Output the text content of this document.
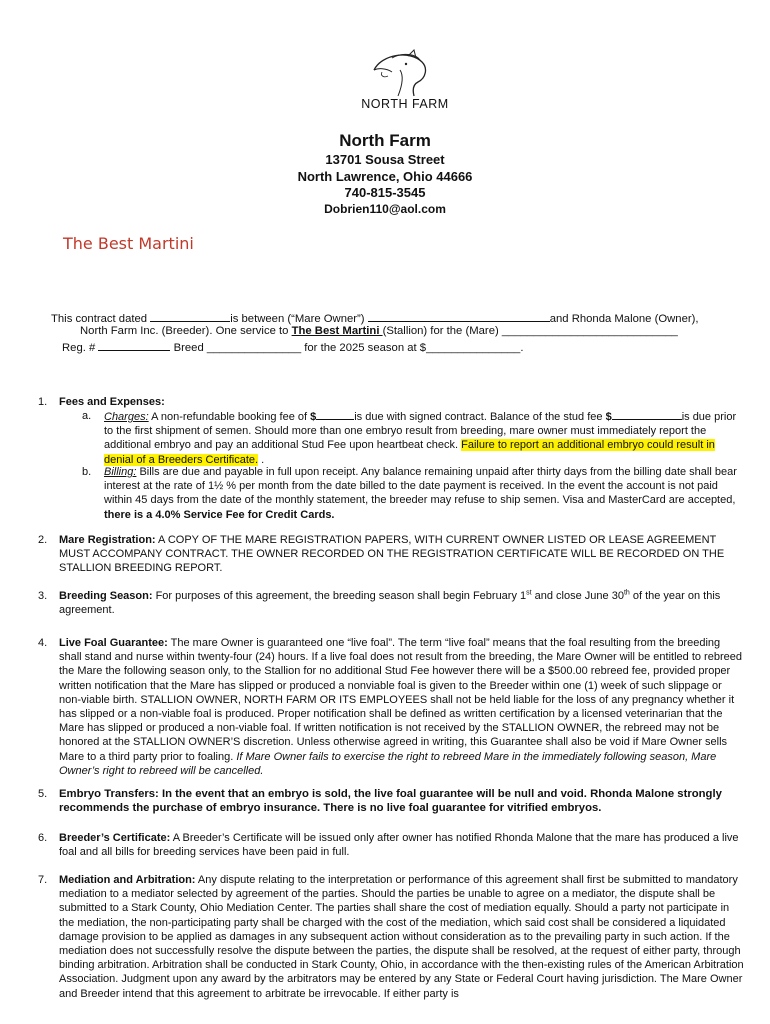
NORTH FARM
North Farm
13701 Sousa Street
North Lawrence, Ohio 44666
740-815-3545
Dobrien110@aol.com
The Best Martini
This contract dated	is between (“Mare Owner”)	and Rhonda Malone (Owner),
North Farm Inc. (Breeder). One service to The Best Martini (Stallion) for the (Mare) ____________________________
Reg. #	Breed _______________ for the 2025 season at $_______________.
1. Fees and Expenses:
a. Charges: A non-refundable booking fee of $	is due with signed contract. Balance of the stud fee $	is due prior to the first shipment of semen. Should more than one embryo result from breeding, mare owner must immediately report the additional embryo and pay an additional Stud Fee upon heartbeat check. Failure to report an additional embryo could result in denial of a Breeders Certificate. .
b. Billing: Bills are due and payable in full upon receipt. Any balance remaining unpaid after thirty days from the billing date shall bear interest at the rate of 1½ % per month from the date billed to the date payment is received. In the event the account is not paid within 45 days from the date of the monthly statement, the breeder may refuse to ship semen. Visa and MasterCard are accepted, there is a 4.0% Service Fee for Credit Cards.
2. Mare Registration: A COPY OF THE MARE REGISTRATION PAPERS, WITH CURRENT OWNER LISTED OR LEASE AGREEMENT MUST ACCOMPANY CONTRACT. THE OWNER RECORDED ON THE REGISTRATION CERTIFICATE WILL BE RECORDED ON THE STALLION BREEDING REPORT.
3. Breeding Season: For purposes of this agreement, the breeding season shall begin February 1st and close June 30th of the year on this agreement.
4. Live Foal Guarantee: The mare Owner is guaranteed one “live foal”. The term “live foal” means that the foal resulting from the breeding shall stand and nurse within twenty-four (24) hours. If a live foal does not result from the breeding, the Mare Owner will be entitled to rebreed the Mare the following season only, to the Stallion for no additional Stud Fee however there will be a $500.00 rebreed fee, provided proper written notification that the Mare has slipped or produced a nonviable foal is given to the Breeder within one (1) week of such slippage or non-viable birth. STALLION OWNER, NORTH FARM OR ITS EMPLOYEES shall not be held liable for the loss of any pregnancy whether it has slipped or a non-viable foal is produced. Proper notification shall be defined as written certification by a licensed veterinarian that the Mare has slipped or produced a non-viable foal. If written notification is not received by the STALLION OWNER, the rebreed may not be honored at the STALLION OWNER’S discretion. Unless otherwise agreed in writing, this Guarantee shall also be void if Mare Owner sells Mare to a third party prior to foaling. If Mare Owner fails to exercise the right to rebreed Mare in the immediately following season, Mare Owner’s right to rebreed will be cancelled.
5. Embryo Transfers: In the event that an embryo is sold, the live foal guarantee will be null and void. Rhonda Malone strongly recommends the purchase of embryo insurance. There is no live foal guarantee for vitrified embryos.
6. Breeder’s Certificate: A Breeder’s Certificate will be issued only after owner has notified Rhonda Malone that the mare has produced a live foal and all bills for breeding services have been paid in full.
7. Mediation and Arbitration: Any dispute relating to the interpretation or performance of this agreement shall first be submitted to mandatory mediation to a mediator selected by agreement of the parties. Should the parties be unable to agree on a mediator, the dispute shall be submitted to a Stark County, Ohio Mediation Center. The parties shall share the cost of mediation equally. Should a party not participate in the mediation, the non-participating party shall be charged with the cost of the mediation, which said cost shall be considered a liquidated damage provision to be applied as damages in any subsequent action without consideration as to the prevailing party in such action. If the mediation does not successfully resolve the dispute between the parties, the dispute shall be resolved, at the request of either party, through binding arbitration. Arbitration shall be conducted in Stark County, Ohio, in accordance with the then-existing rules of the American Arbitration Association. Judgment upon any award by the arbitrators may be entered by any State or Federal Court having jurisdiction. The Mare Owner and Breeder intend that this agreement to arbitrate be irrevocable. If either party is
